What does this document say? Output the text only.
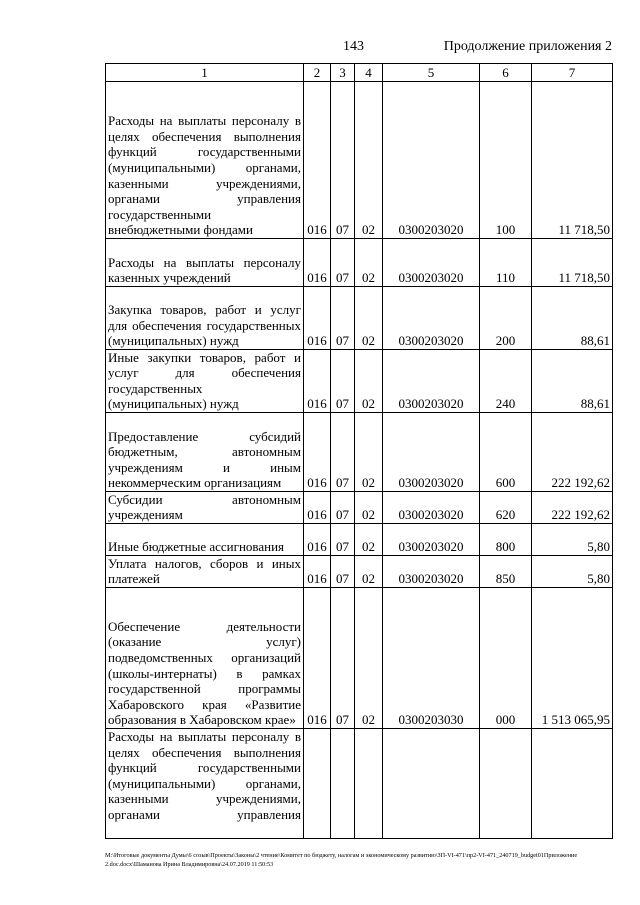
143	Продолжение приложения 2
1	2	3	4	5	6	7

Расходы на выплаты персоналу в целях обеспечения выполнения функций государственными (муниципальными) органами, казенными учреждениями, органами управления государственными внебюджетными фондами	016	07	02	0300203020	100	11 718,50

Расходы на выплаты персоналу казенных учреждений	016	07	02	0300203020	110	11 718,50

Закупка товаров, работ и услуг для обеспечения государственных (муниципальных) нужд	016	07	02	0300203020	200	88,61

Иные закупки товаров, работ и услуг для обеспечения государственных (муниципальных) нужд	016	07	02	0300203020	240	88,61

Предоставление субсидий бюджетным, автономным учреждениям и иным некоммерческим организациям	016	07	02	0300203020	600	222 192,62

Субсидии автономным учреждениям	016	07	02	0300203020	620	222 192,62

Иные бюджетные ассигнования	016	07	02	0300203020	800	5,80

Уплата налогов, сборов и иных платежей	016	07	02	0300203020	850	5,80

Обеспечение деятельности (оказание услуг) подведомственных организаций (школы-интернаты) в рамках государственной программы Хабаровского края «Развитие образования в Хабаровском крае»	016	07	02	0300203030	000	1 513 065,95

Расходы на выплаты персоналу в целях обеспечения выполнения функций государственными (муниципальными) органами, казенными учреждениями, органами управления						

M:\Итоговые документы Думы\6 созыв\Проекты\Законы\2 чтение\Комитет по бюджету, налогам и экономическому развитию\ЗП-VI-471\пр2-VI-471_240719_budget01Приложение 2.doc.docx\Шаманова Ирина Владимировна\24.07.2019 11:50:53
